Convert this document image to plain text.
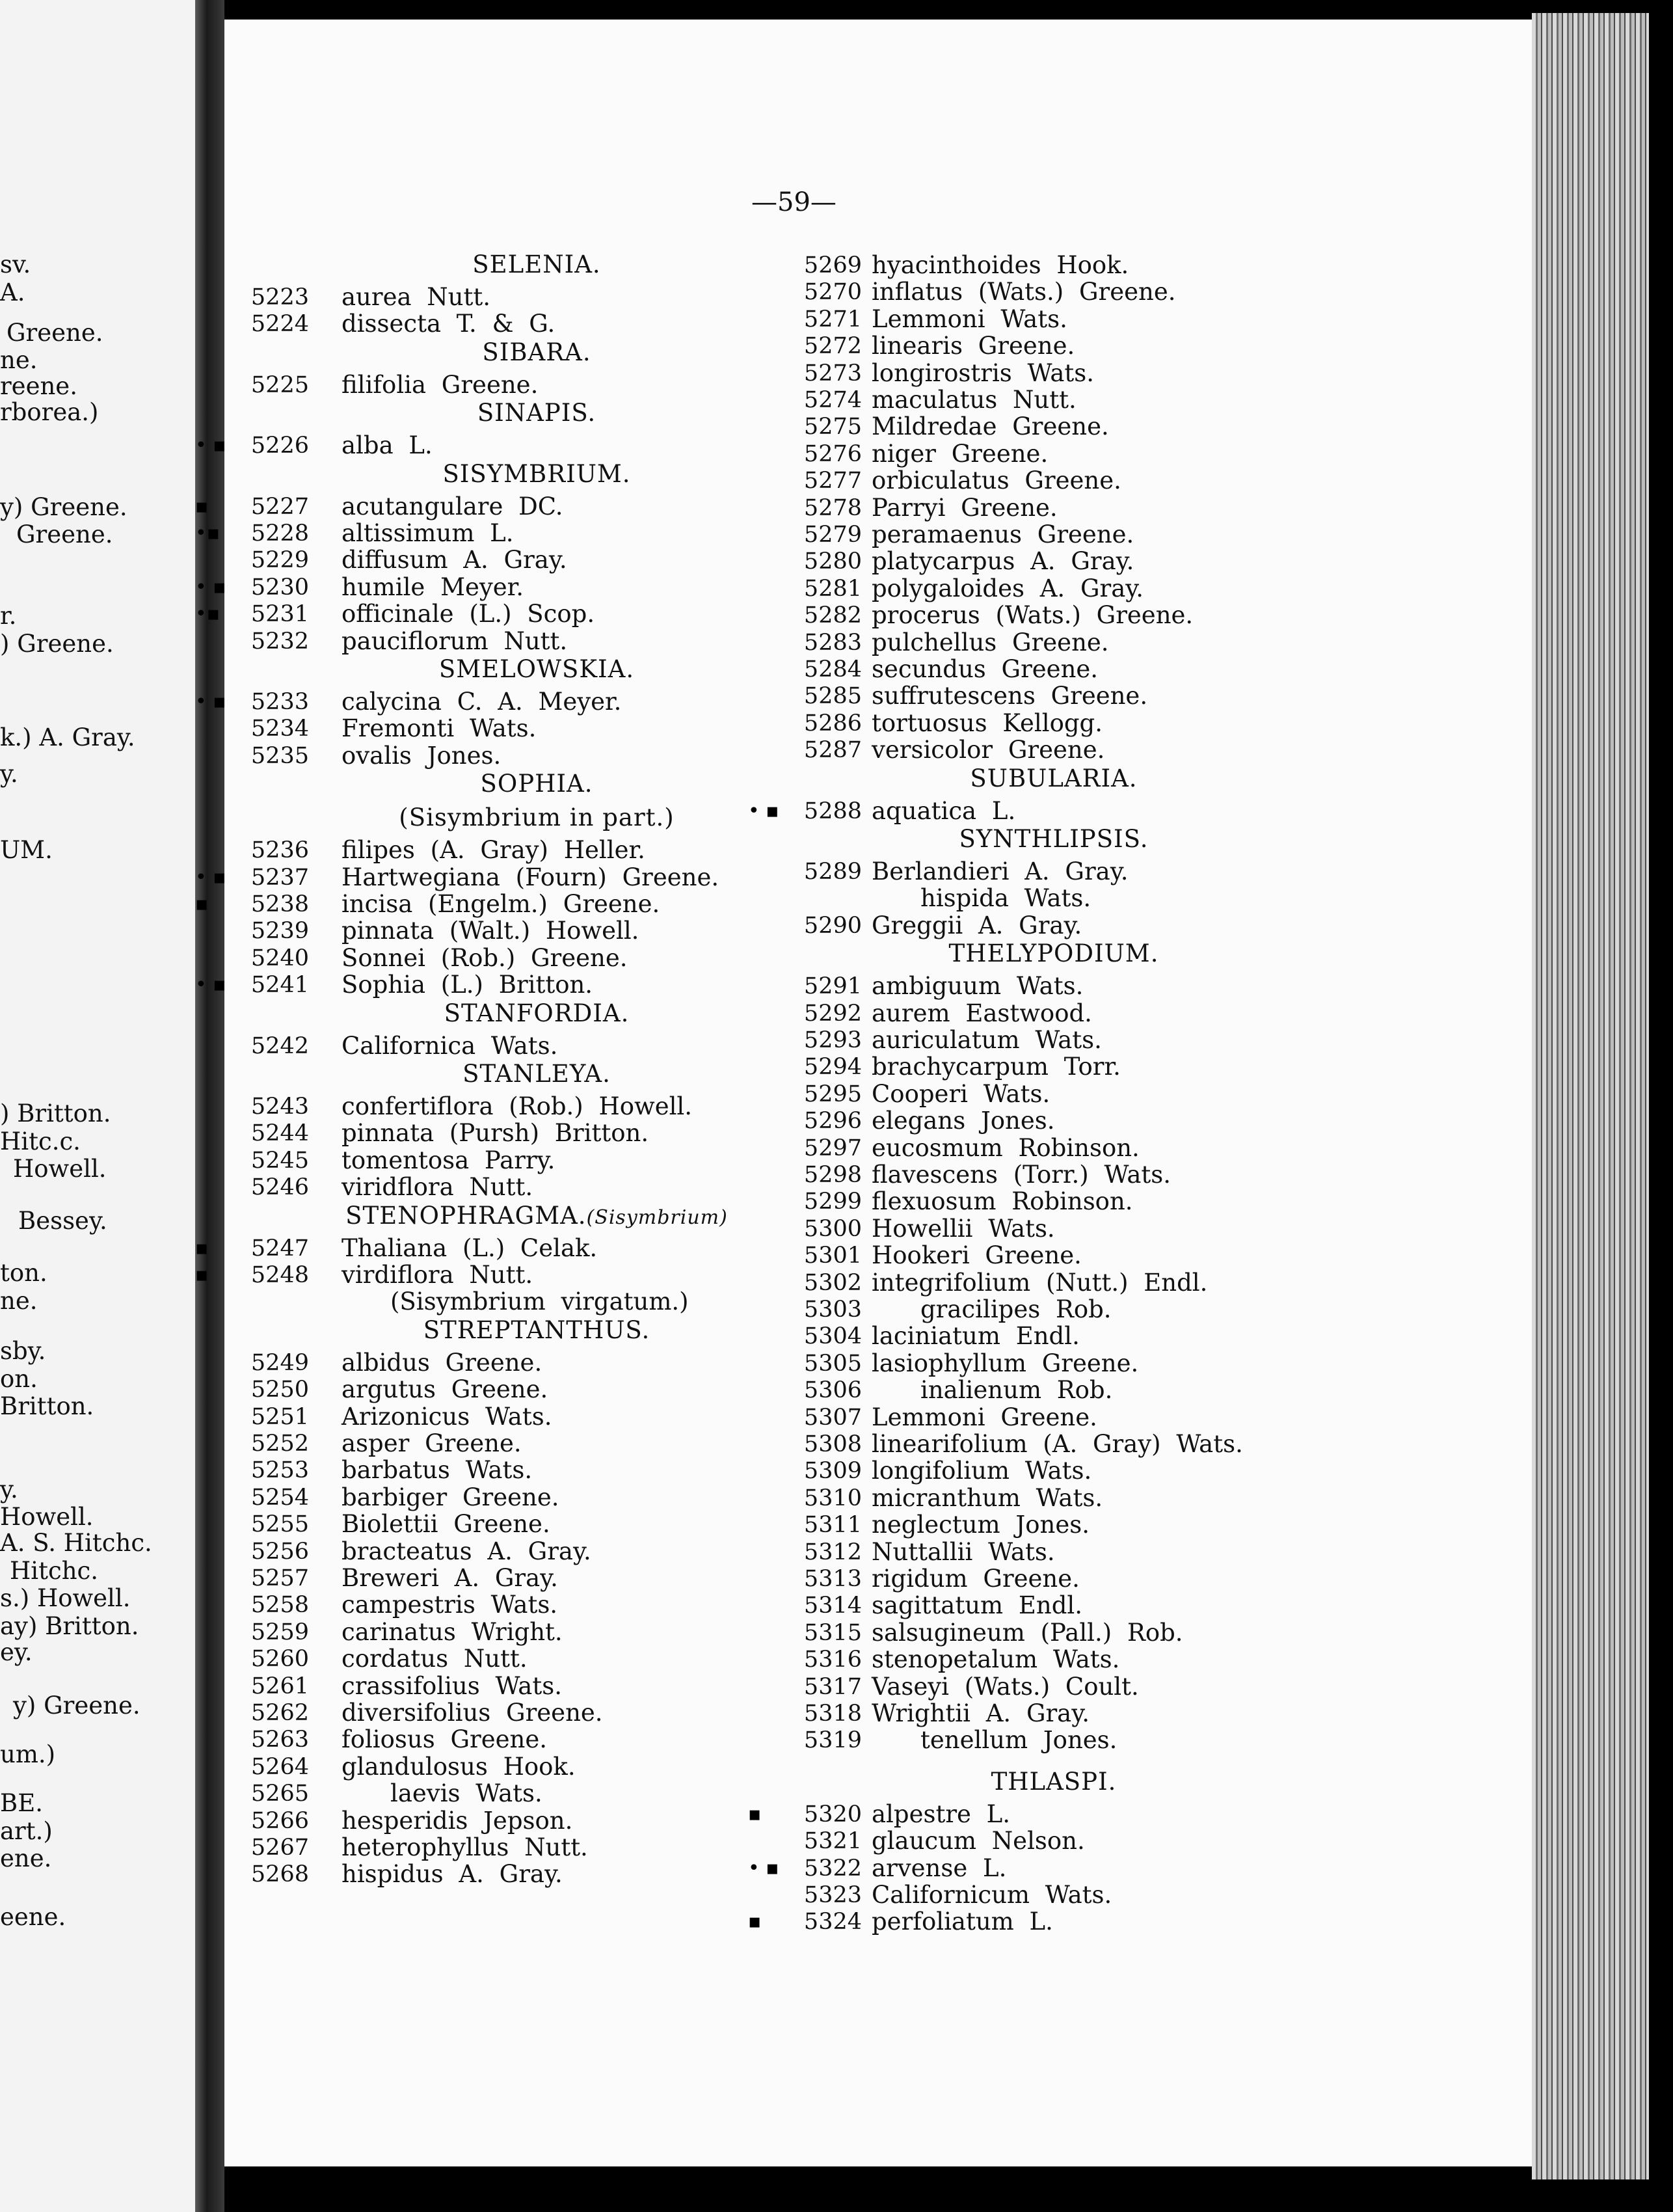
sv.
A.
Greene.
ne.
reene.
rborea.)
y) Greene.
Greene.
r.
) Greene.
k.) A. Gray.
y.
UM.
) Britton.
Hitc.c.
Howell.
Bessey.
ton.
ne.
sby.
on.
Britton.
y.
Howell.
A. S. Hitchc.
Hitchc.
s.) Howell.
ay) Britton.
ey.
y) Greene.
um.)
BE.
art.)
ene.
eene.
—59—
SELENIA.
5223 aurea Nutt.
5224 dissecta T. & G.
SIBARA.
5225 filifolia Greene.
SINAPIS.
• ▪	5226 alba L.
SISYMBRIUM.
▪	5227 acutangulare DC.
•▪	5228 altissimum L.
5229 diffusum A. Gray.
• ▪	5230 humile Meyer.
•▪	5231 officinale (L.) Scop.
5232 pauciflorum Nutt.
SMELOWSKIA.
• ▪	5233 calycina C. A. Meyer.
5234 Fremonti Wats.
5235 ovalis Jones.
SOPHIA.
(Sisymbrium in part.)
5236 filipes (A. Gray) Heller.
• ▪	5237 Hartwegiana (Fourn) Greene.
▪	5238 incisa (Engelm.) Greene.
5239 pinnata (Walt.) Howell.
5240 Sonnei (Rob.) Greene.
• ▪	5241 Sophia (L.) Britton.
STANFORDIA.
5242 Californica Wats.
STANLEYA.
5243 confertiflora (Rob.) Howell.
5244 pinnata (Pursh) Britton.
5245 tomentosa Parry.
5246 viridflora Nutt.
STENOPHRAGMA.(Sisymbrium)
▪	5247 Thaliana (L.) Celak.
▪	5248 virdiflora Nutt.
(Sisymbrium virgatum.)
STREPTANTHUS.
5249 albidus Greene.
5250 argutus Greene.
5251 Arizonicus Wats.
5252 asper Greene.
5253 barbatus Wats.
5254 barbiger Greene.
5255 Biolettii Greene.
5256 bracteatus A. Gray.
5257 Breweri A. Gray.
5258 campestris Wats.
5259 carinatus Wright.
5260 cordatus Nutt.
5261 crassifolius Wats.
5262 diversifolius Greene.
5263 foliosus Greene.
5264 glandulosus Hook.
5265	laevis Wats.
5266 hesperidis Jepson.
5267 heterophyllus Nutt.
5268 hispidus A. Gray.
5269 hyacinthoides Hook.
5270 inflatus (Wats.) Greene.
5271 Lemmoni Wats.
5272 linearis Greene.
5273 longirostris Wats.
5274 maculatus Nutt.
5275 Mildredae Greene.
5276 niger Greene.
5277 orbiculatus Greene.
5278 Parryi Greene.
5279 peramaenus Greene.
5280 platycarpus A. Gray.
5281 polygaloides A. Gray.
5282 procerus (Wats.) Greene.
5283 pulchellus Greene.
5284 secundus Greene.
5285 suffrutescens Greene.
5286 tortuosus Kellogg.
5287 versicolor Greene.
SUBULARIA.
• ▪	5288 aquatica L.
SYNTHLIPSIS.
5289 Berlandieri A. Gray.
hispida Wats.
5290 Greggii A. Gray.
THELYPODIUM.
5291 ambiguum Wats.
5292 aurem Eastwood.
5293 auriculatum Wats.
5294 brachycarpum Torr.
5295 Cooperi Wats.
5296 elegans Jones.
5297 eucosmum Robinson.
5298 flavescens (Torr.) Wats.
5299 flexuosum Robinson.
5300 Howellii Wats.
5301 Hookeri Greene.
5302 integrifolium (Nutt.) Endl.
5303 gracilipes Rob.
5304 laciniatum Endl.
5305 lasiophyllum Greene.
5306 inalienum Rob.
5307 Lemmoni Greene.
5308 linearifolium (A. Gray) Wats.
5309 longifolium Wats.
5310 micranthum Wats.
5311 neglectum Jones.
5312 Nuttallii Wats.
5313 rigidum Greene.
5314 sagittatum Endl.
5315 salsugineum (Pall.) Rob.
5316 stenopetalum Wats.
5317 Vaseyi (Wats.) Coult.
5318 Wrightii A. Gray.
5319 tenellum Jones.
THLASPI.
▪	5320 alpestre L.
5321 glaucum Nelson.
• ▪	5322 arvense L.
5323 Californicum Wats.
▪	5324 perfoliatum L.
